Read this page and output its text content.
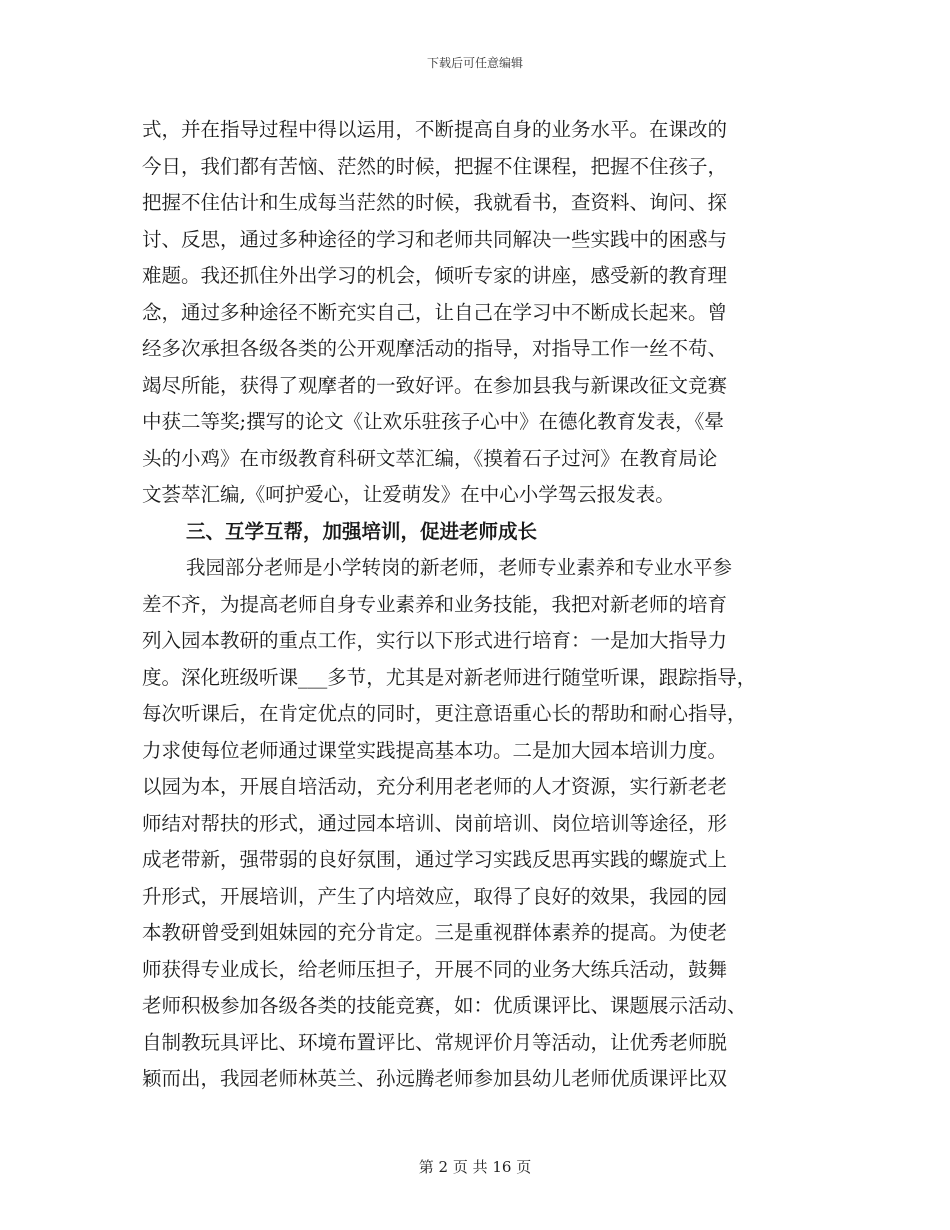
下载后可任意编辑
式，并在指导过程中得以运用，不断提高自身的业务水平。在课改的
今日，我们都有苦恼、茫然的时候，把握不住课程，把握不住孩子，
把握不住估计和生成每当茫然的时候，我就看书，查资料、询问、探
讨、反思，通过多种途径的学习和老师共同解决一些实践中的困惑与
难题。我还抓住外出学习的机会，倾听专家的讲座，感受新的教育理
念，通过多种途径不断充实自己，让自己在学习中不断成长起来。曾
经多次承担各级各类的公开观摩活动的指导，对指导工作一丝不苟、
竭尽所能，获得了观摩者的一致好评。在参加县我与新课改征文竞赛
中获二等奖;撰写的论文《让欢乐驻孩子心中》在德化教育发表，《晕
头的小鸡》在市级教育科研文萃汇编，《摸着石子过河》在教育局论
文荟萃汇编,《呵护爱心，让爱萌发》在中心小学驾云报发表。
三、互学互帮，加强培训，促进老师成长
我园部分老师是小学转岗的新老师，老师专业素养和专业水平参
差不齐，为提高老师自身专业素养和业务技能，我把对新老师的培育
列入园本教研的重点工作，实行以下形式进行培育：一是加大指导力
度。深化班级听课___多节，尤其是对新老师进行随堂听课，跟踪指导，
每次听课后，在肯定优点的同时，更注意语重心长的帮助和耐心指导，
力求使每位老师通过课堂实践提高基本功。二是加大园本培训力度。
以园为本，开展自培活动，充分利用老老师的人才资源，实行新老老
师结对帮扶的形式，通过园本培训、岗前培训、岗位培训等途径，形
成老带新，强带弱的良好氛围，通过学习实践反思再实践的螺旋式上
升形式，开展培训，产生了内培效应，取得了良好的效果，我园的园
本教研曾受到姐妹园的充分肯定。三是重视群体素养的提高。为使老
师获得专业成长，给老师压担子，开展不同的业务大练兵活动，鼓舞
老师积极参加各级各类的技能竞赛，如：优质课评比、课题展示活动、
自制教玩具评比、环境布置评比、常规评价月等活动，让优秀老师脱
颖而出，我园老师林英兰、孙远腾老师参加县幼儿老师优质课评比双
第 2 页 共 16 页
